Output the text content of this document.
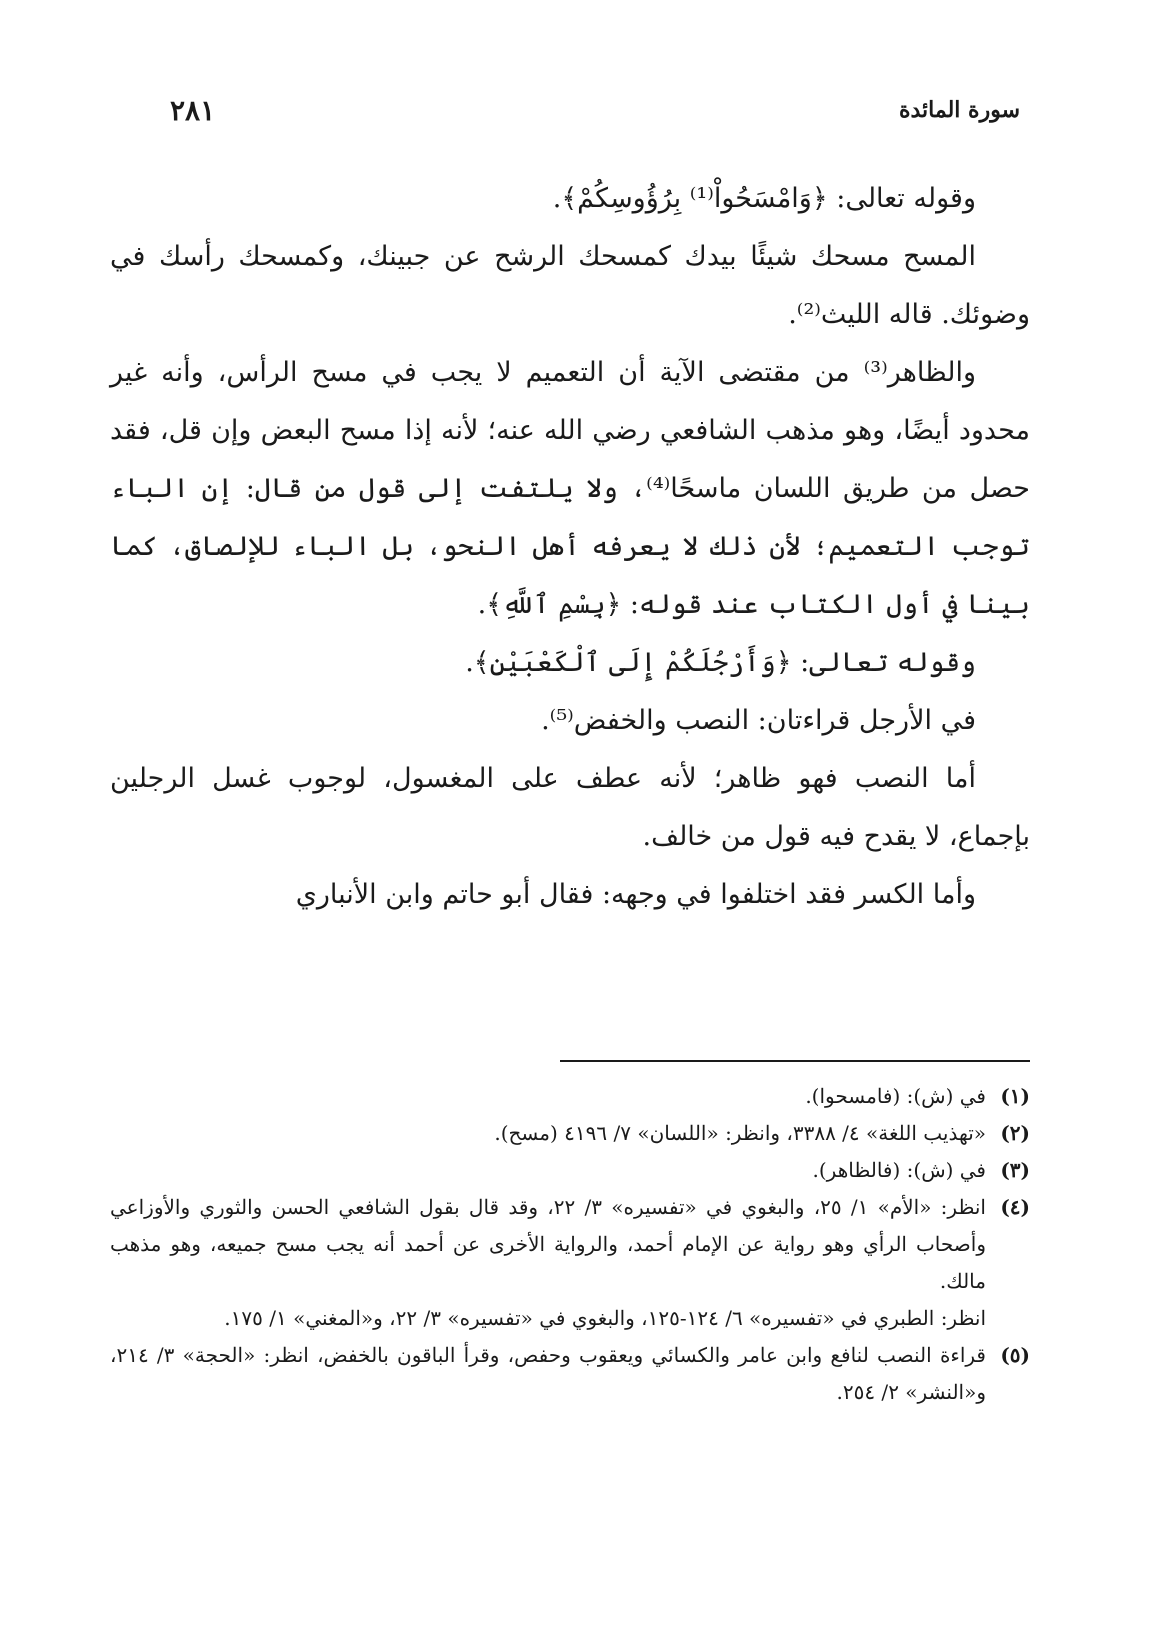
سورة المائدة
٢٨١

وقوله تعالى: ﴿وَامْسَحُواْ⁽¹⁾ بِرُؤُوسِكُمْ﴾.

المسح مسحك شيئًا بيدك كمسحك الرشح عن جبينك، وكمسحك رأسك في وضوئك. قاله الليث⁽²⁾.

والظاهر⁽³⁾ من مقتضى الآية أن التعميم لا يجب في مسح الرأس، وأنه غير محدود أيضًا، وهو مذهب الشافعي رضي الله عنه؛ لأنه إذا مسح البعض وإن قل، فقد حصل من طريق اللسان ماسحًا⁽⁴⁾، ولا يلتفت إلى قول من قال: إن الباء توجب التعميم؛ لأن ذلك لا يعرفه أهل النحو، بل الباء للإلصاق، كما بينا في أول الكتاب عند قوله: ﴿بِسْمِ ٱللَّهِ﴾.

وقوله تعالى: ﴿وَأَرْجُلَكُمْ إِلَى ٱلْكَعْبَيْنِ﴾.

في الأرجل قراءتان: النصب والخفض⁽⁵⁾.

أما النصب فهو ظاهر؛ لأنه عطف على المغسول، لوجوب غسل الرجلين بإجماع، لا يقدح فيه قول من خالف.

وأما الكسر فقد اختلفوا في وجهه: فقال أبو حاتم وابن الأنباري

(١)
في (ش): (فامسحوا).
(٢)
«تهذيب اللغة» ٤/ ٣٣٨٨، وانظر: «اللسان» ٧/ ٤١٩٦ (مسح).
(٣)
في (ش): (فالظاهر).
(٤)
انظر: «الأم» ١/ ٢٥، والبغوي في «تفسيره» ٣/ ٢٢، وقد قال بقول الشافعي الحسن والثوري والأوزاعي وأصحاب الرأي وهو رواية عن الإمام أحمد، والرواية الأخرى عن أحمد أنه يجب مسح جميعه، وهو مذهب مالك.
انظر: الطبري في «تفسيره» ٦/ ١٢٤-١٢٥، والبغوي في «تفسيره» ٣/ ٢٢، و«المغني» ١/ ١٧٥.
(٥)
قراءة النصب لنافع وابن عامر والكسائي ويعقوب وحفص، وقرأ الباقون بالخفض، انظر: «الحجة» ٣/ ٢١٤، و«النشر» ٢/ ٢٥٤.
